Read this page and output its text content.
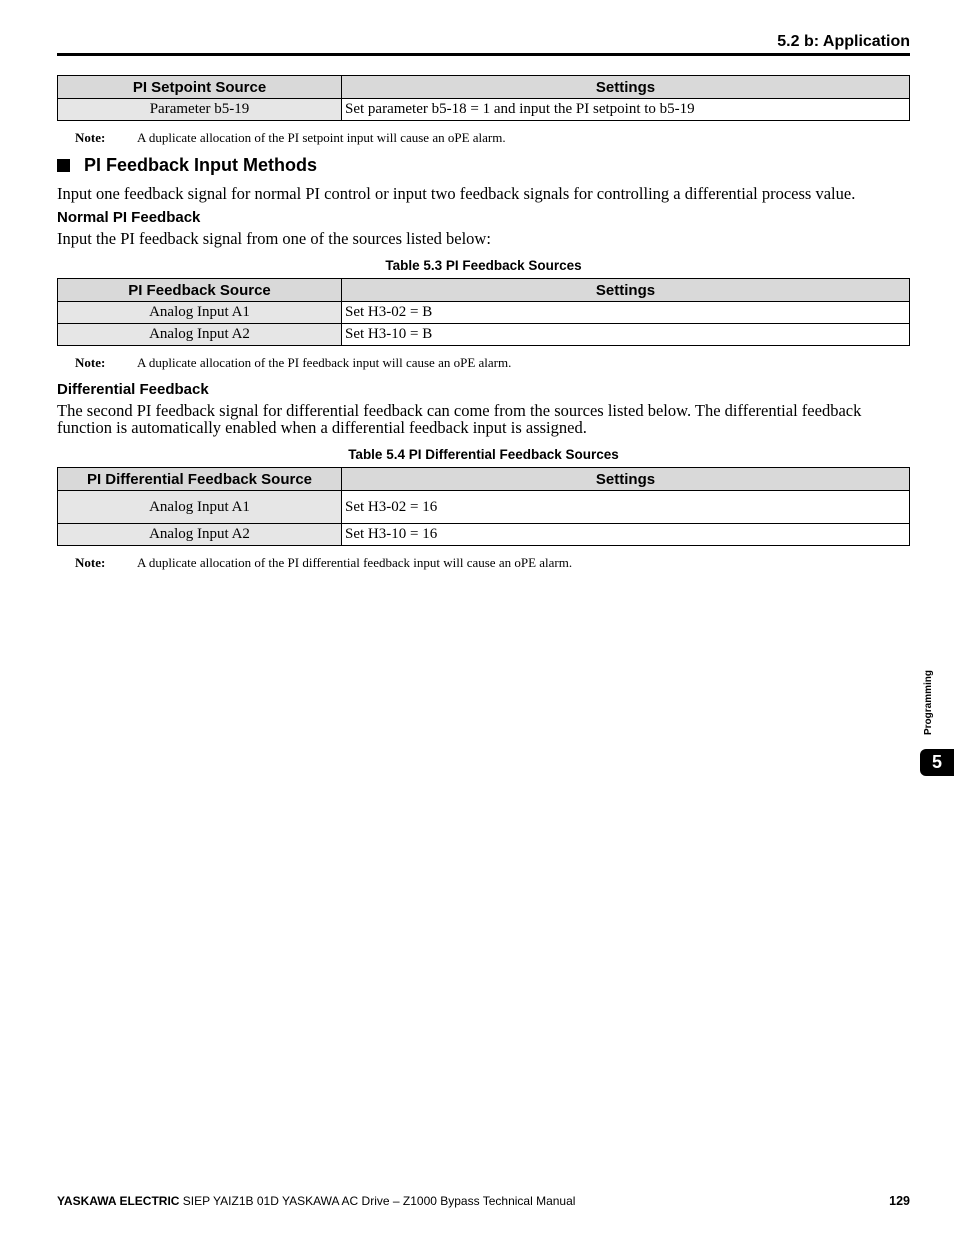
5.2 b: Application
PI Setpoint Source	Settings
Parameter b5-19	Set parameter b5-18 = 1 and input the PI setpoint to b5-19
Note: A duplicate allocation of the PI setpoint input will cause an oPE alarm.
PI Feedback Input Methods
Input one feedback signal for normal PI control or input two feedback signals for controlling a differential process value.
Normal PI Feedback
Input the PI feedback signal from one of the sources listed below:
Table 5.3 PI Feedback Sources
PI Feedback Source	Settings
Analog Input A1	Set H3-02 = B
Analog Input A2	Set H3-10 = B
Note: A duplicate allocation of the PI feedback input will cause an oPE alarm.
Differential Feedback
The second PI feedback signal for differential feedback can come from the sources listed below. The differential feedback function is automatically enabled when a differential feedback input is assigned.
Table 5.4 PI Differential Feedback Sources
PI Differential Feedback Source	Settings
Analog Input A1	Set H3-02 = 16
Analog Input A2	Set H3-10 = 16
Note: A duplicate allocation of the PI differential feedback input will cause an oPE alarm.
Programming
5
YASKAWA ELECTRIC SIEP YAIZ1B 01D YASKAWA AC Drive – Z1000 Bypass Technical Manual	129
